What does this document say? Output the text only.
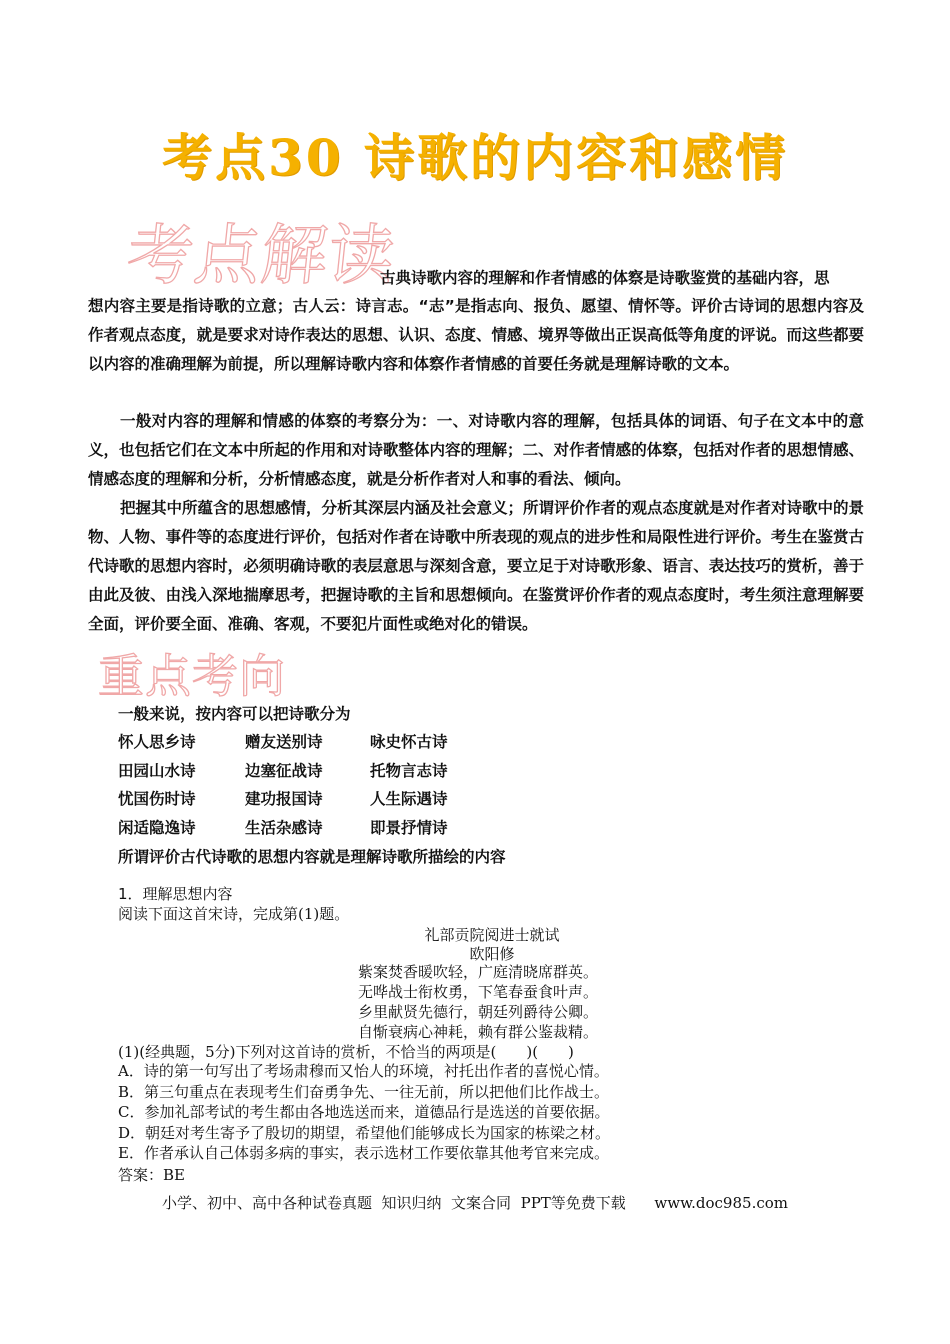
考点30 诗歌的内容和感情
考点解读
古典诗歌内容的理解和作者情感的体察是诗歌鉴赏的基础内容，思

想内容主要是指诗歌的立意；古人云：诗言志。“志”是指志向、报负、愿望、情怀等。评价古诗词的思想内容及作者观点态度，就是要求对诗作表达的思想、认识、态度、情感、境界等做出正误高低等角度的评说。而这些都要以内容的准确理解为前提，所以理解诗歌内容和体察作者情感的首要任务就是理解诗歌的文本。

一般对内容的理解和情感的体察的考察分为：一、对诗歌内容的理解，包括具体的词语、句子在文本中的意义，也包括它们在文本中所起的作用和对诗歌整体内容的理解；二、对作者情感的体察，包括对作者的思想情感、情感态度的理解和分析，分析情感态度，就是分析作者对人和事的看法、倾向。

把握其中所蕴含的思想感情，分析其深层内涵及社会意义；所谓评价作者的观点态度就是对作者对诗歌中的景物、人物、事件等的态度进行评价，包括对作者在诗歌中所表现的观点的进步性和局限性进行评价。考生在鉴赏古代诗歌的思想内容时，必须明确诗歌的表层意思与深刻含意，要立足于对诗歌形象、语言、表达技巧的赏析，善于由此及彼、由浅入深地揣摩思考，把握诗歌的主旨和思想倾向。在鉴赏评价作者的观点态度时，考生须注意理解要全面，评价要全面、准确、客观，不要犯片面性或绝对化的错误。

重点考向
一般来说，按内容可以把诗歌分为
怀人思乡诗	赠友送别诗	咏史怀古诗
田园山水诗	边塞征战诗	托物言志诗
忧国伤时诗	建功报国诗	人生际遇诗
闲适隐逸诗	生活杂感诗	即景抒情诗
所谓评价古代诗歌的思想内容就是理解诗歌所描绘的内容
1．理解思想内容
阅读下面这首宋诗，完成第(1)题。
礼部贡院阅进士就试
欧阳修
紫案焚香暖吹轻，广庭清晓席群英。
无哗战士衔枚勇，下笔春蚕食叶声。
乡里献贤先德行，朝廷列爵待公卿。
自惭衰病心神耗，赖有群公鉴裁精。
(1)(经典题，5分)下列对这首诗的赏析，不恰当的两项是(　　)(　　)
A．诗的第一句写出了考场肃穆而又怡人的环境，衬托出作者的喜悦心情。
B．第三句重点在表现考生们奋勇争先、一往无前，所以把他们比作战士。
C．参加礼部考试的考生都由各地选送而来，道德品行是选送的首要依据。
D．朝廷对考生寄予了殷切的期望，希望他们能够成长为国家的栋梁之材。
E．作者承认自己体弱多病的事实，表示选材工作要依靠其他考官来完成。
答案：BE
小学、初中、高中各种试卷真题  知识归纳  文案合同  PPT等免费下载      www.doc985.com
